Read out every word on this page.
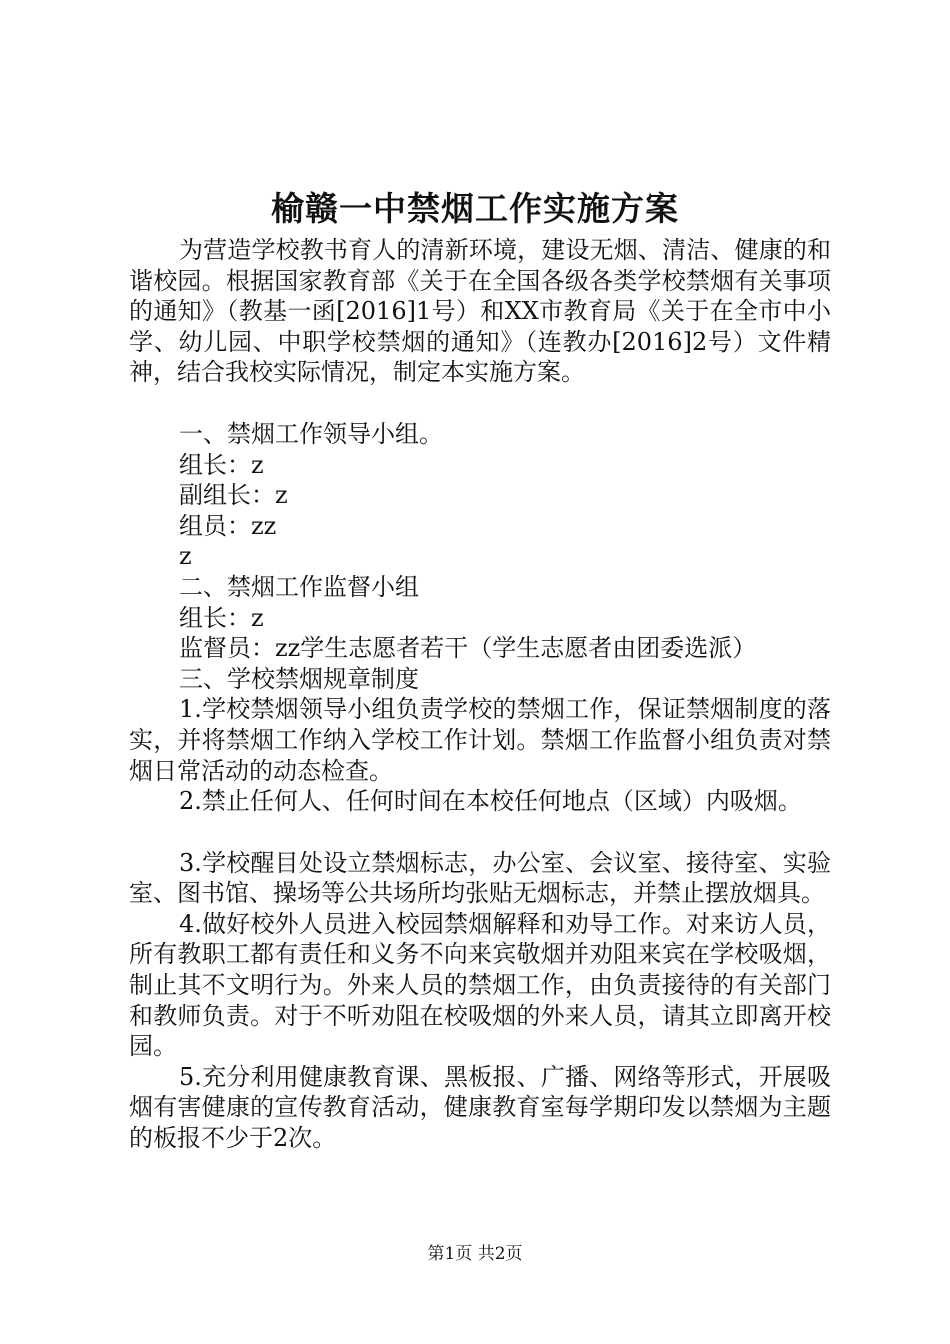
榆赣一中禁烟工作实施方案

为营造学校教书育人的清新环境，建设无烟、清洁、健康的和谐校园。根据国家教育部《关于在全国各级各类学校禁烟有关事项的通知》（教基一函[2016]1号）和XX市教育局《关于在全市中小学、幼儿园、中职学校禁烟的通知》（连教办[2016]2号）文件精神，结合我校实际情况，制定本实施方案。

一、禁烟工作领导小组。

组长：z

副组长：z

组员：zz

z

二、禁烟工作监督小组

组长：z

监督员：zz学生志愿者若干（学生志愿者由团委选派）

三、学校禁烟规章制度

1.学校禁烟领导小组负责学校的禁烟工作，保证禁烟制度的落实，并将禁烟工作纳入学校工作计划。禁烟工作监督小组负责对禁烟日常活动的动态检查。

2.禁止任何人、任何时间在本校任何地点（区域）内吸烟。

3.学校醒目处设立禁烟标志，办公室、会议室、接待室、实验室、图书馆、操场等公共场所均张贴无烟标志，并禁止摆放烟具。

4.做好校外人员进入校园禁烟解释和劝导工作。对来访人员，所有教职工都有责任和义务不向来宾敬烟并劝阻来宾在学校吸烟，制止其不文明行为。外来人员的禁烟工作，由负责接待的有关部门和教师负责。对于不听劝阻在校吸烟的外来人员，请其立即离开校园。

5.充分利用健康教育课、黑板报、广播、网络等形式，开展吸烟有害健康的宣传教育活动，健康教育室每学期印发以禁烟为主题的板报不少于2次。

第1页 共2页
